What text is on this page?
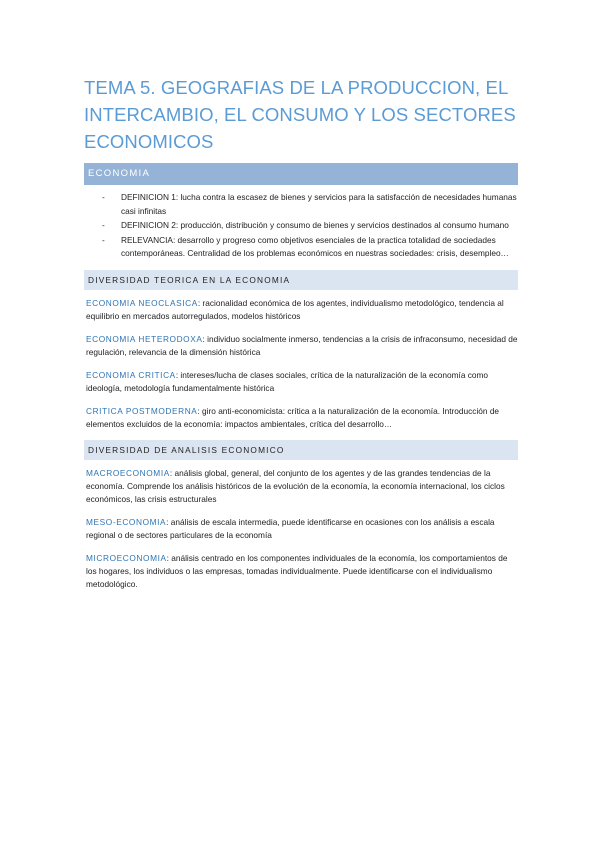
TEMA 5. GEOGRAFIAS DE LA PRODUCCION, EL INTERCAMBIO, EL CONSUMO Y LOS SECTORES ECONOMICOS
ECONOMIA
- DEFINICION 1: lucha contra la escasez de bienes y servicios para la satisfacción de necesidades humanas casi infinitas
- DEFINICION 2: producción, distribución y consumo de bienes y servicios destinados al consumo humano
- RELEVANCIA: desarrollo y progreso como objetivos esenciales de la practica totalidad de sociedades contemporáneas. Centralidad de los problemas económicos en nuestras sociedades: crisis, desempleo…
DIVERSIDAD TEORICA EN LA ECONOMIA

ECONOMIA NEOCLASICA: racionalidad económica de los agentes, individualismo metodológico, tendencia al equilibrio en mercados autorregulados, modelos históricos

ECONOMIA HETERODOXA: individuo socialmente inmerso, tendencias a la crisis de infraconsumo, necesidad de regulación, relevancia de la dimensión histórica

ECONOMIA CRITICA: intereses/lucha de clases sociales, crítica de la naturalización de la economía como ideología, metodología fundamentalmente histórica

CRITICA POSTMODERNA: giro anti-economicista: crítica a la naturalización de la economía. Introducción de elementos excluidos de la economía: impactos ambientales, crítica del desarrollo…

DIVERSIDAD DE ANALISIS ECONOMICO

MACROECONOMIA: análisis global, general, del conjunto de los agentes y de las grandes tendencias de la economía. Comprende los análisis históricos de la evolución de la economía, la economía internacional, los ciclos económicos, las crisis estructurales

MESO-ECONOMIA: análisis de escala intermedia, puede identificarse en ocasiones con los análisis a escala regional o de sectores particulares de la economía

MICROECONOMIA: análisis centrado en los componentes individuales de la economía, los comportamientos de los hogares, los individuos o las empresas, tomadas individualmente. Puede identificarse con el individualismo metodológico.
